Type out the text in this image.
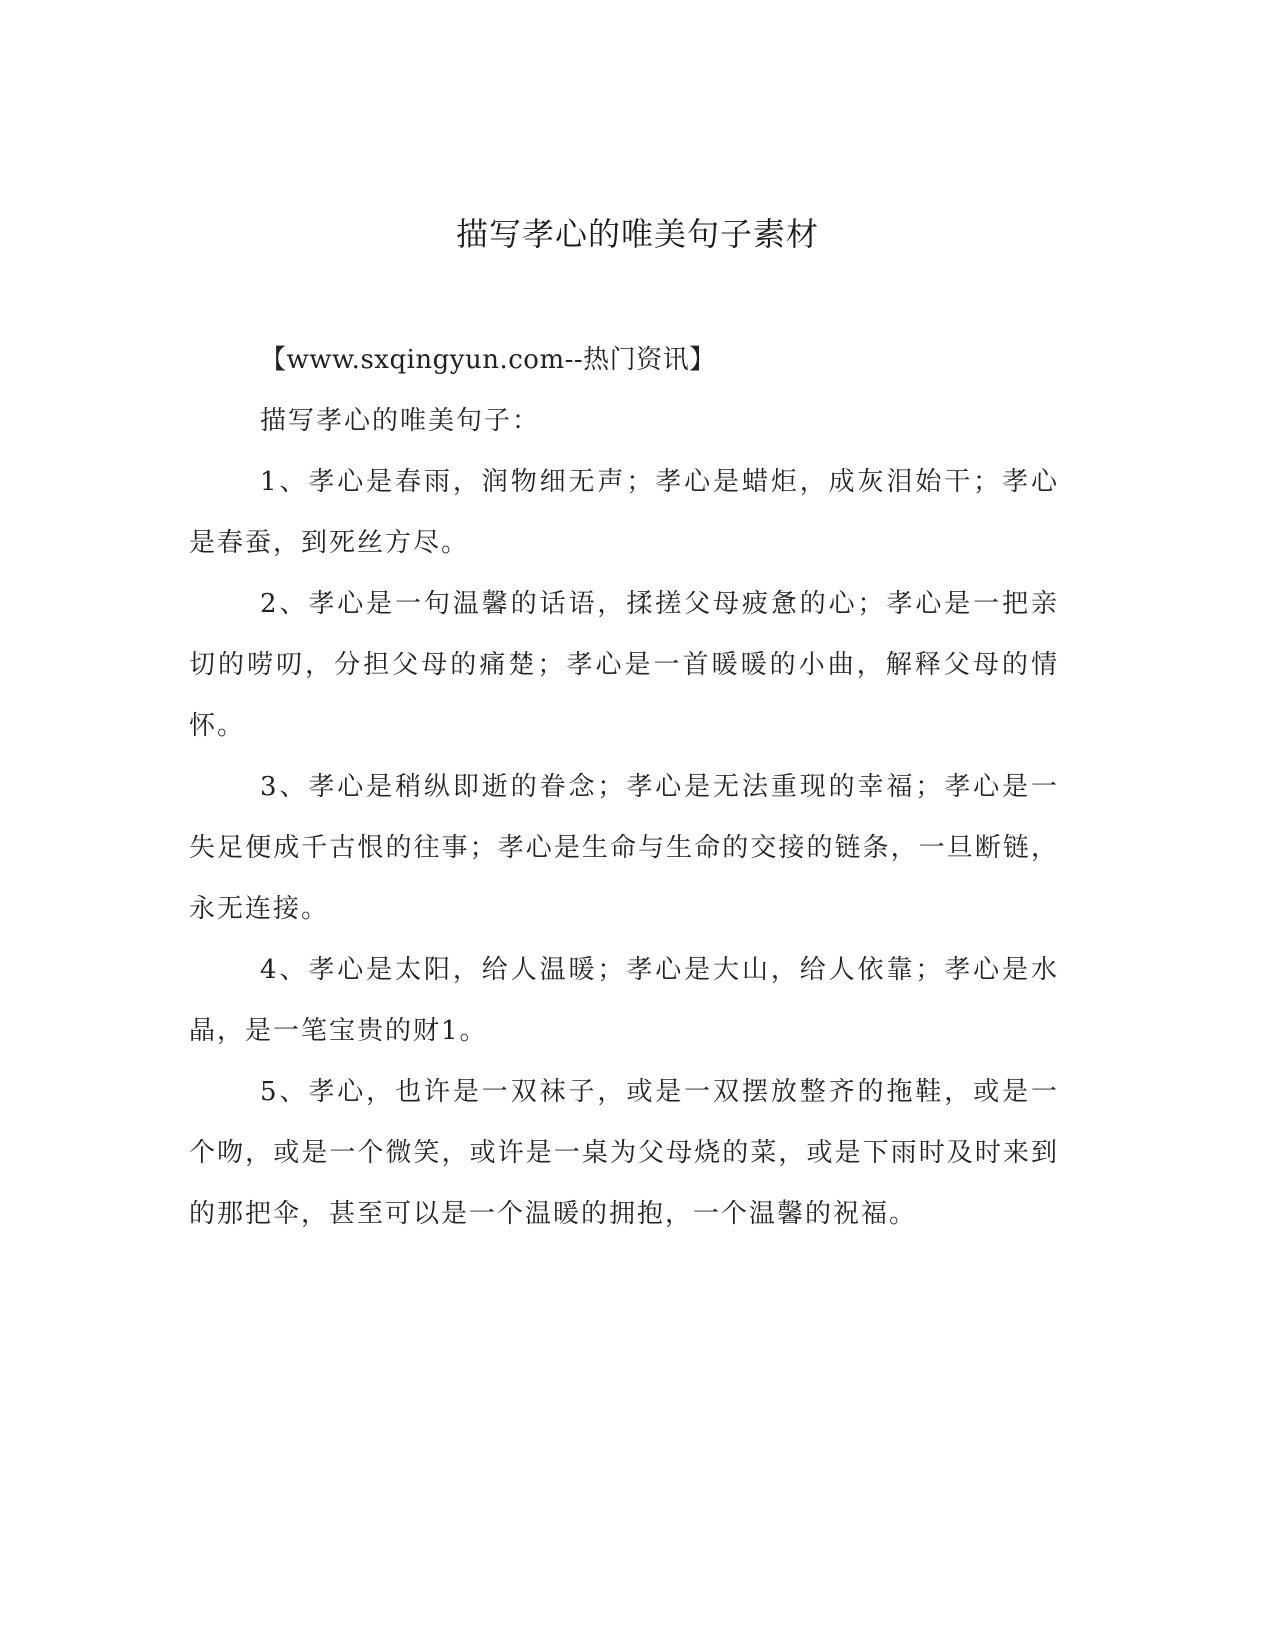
描写孝心的唯美句子素材

【www.sxqingyun.com--热门资讯】

描写孝心的唯美句子：

1、孝心是春雨，润物细无声；孝心是蜡炬，成灰泪始干；孝心是春蚕，到死丝方尽。

2、孝心是一句温馨的话语，揉搓父母疲惫的心；孝心是一把亲切的唠叨，分担父母的痛楚；孝心是一首暖暖的小曲，解释父母的情怀。

3、孝心是稍纵即逝的眷念；孝心是无法重现的幸福；孝心是一失足便成千古恨的往事；孝心是生命与生命的交接的链条，一旦断链，永无连接。

4、孝心是太阳，给人温暖；孝心是大山，给人依靠；孝心是水晶，是一笔宝贵的财1。

5、孝心，也许是一双袜子，或是一双摆放整齐的拖鞋，或是一个吻，或是一个微笑，或许是一桌为父母烧的菜，或是下雨时及时来到的那把伞，甚至可以是一个温暖的拥抱，一个温馨的祝福。
